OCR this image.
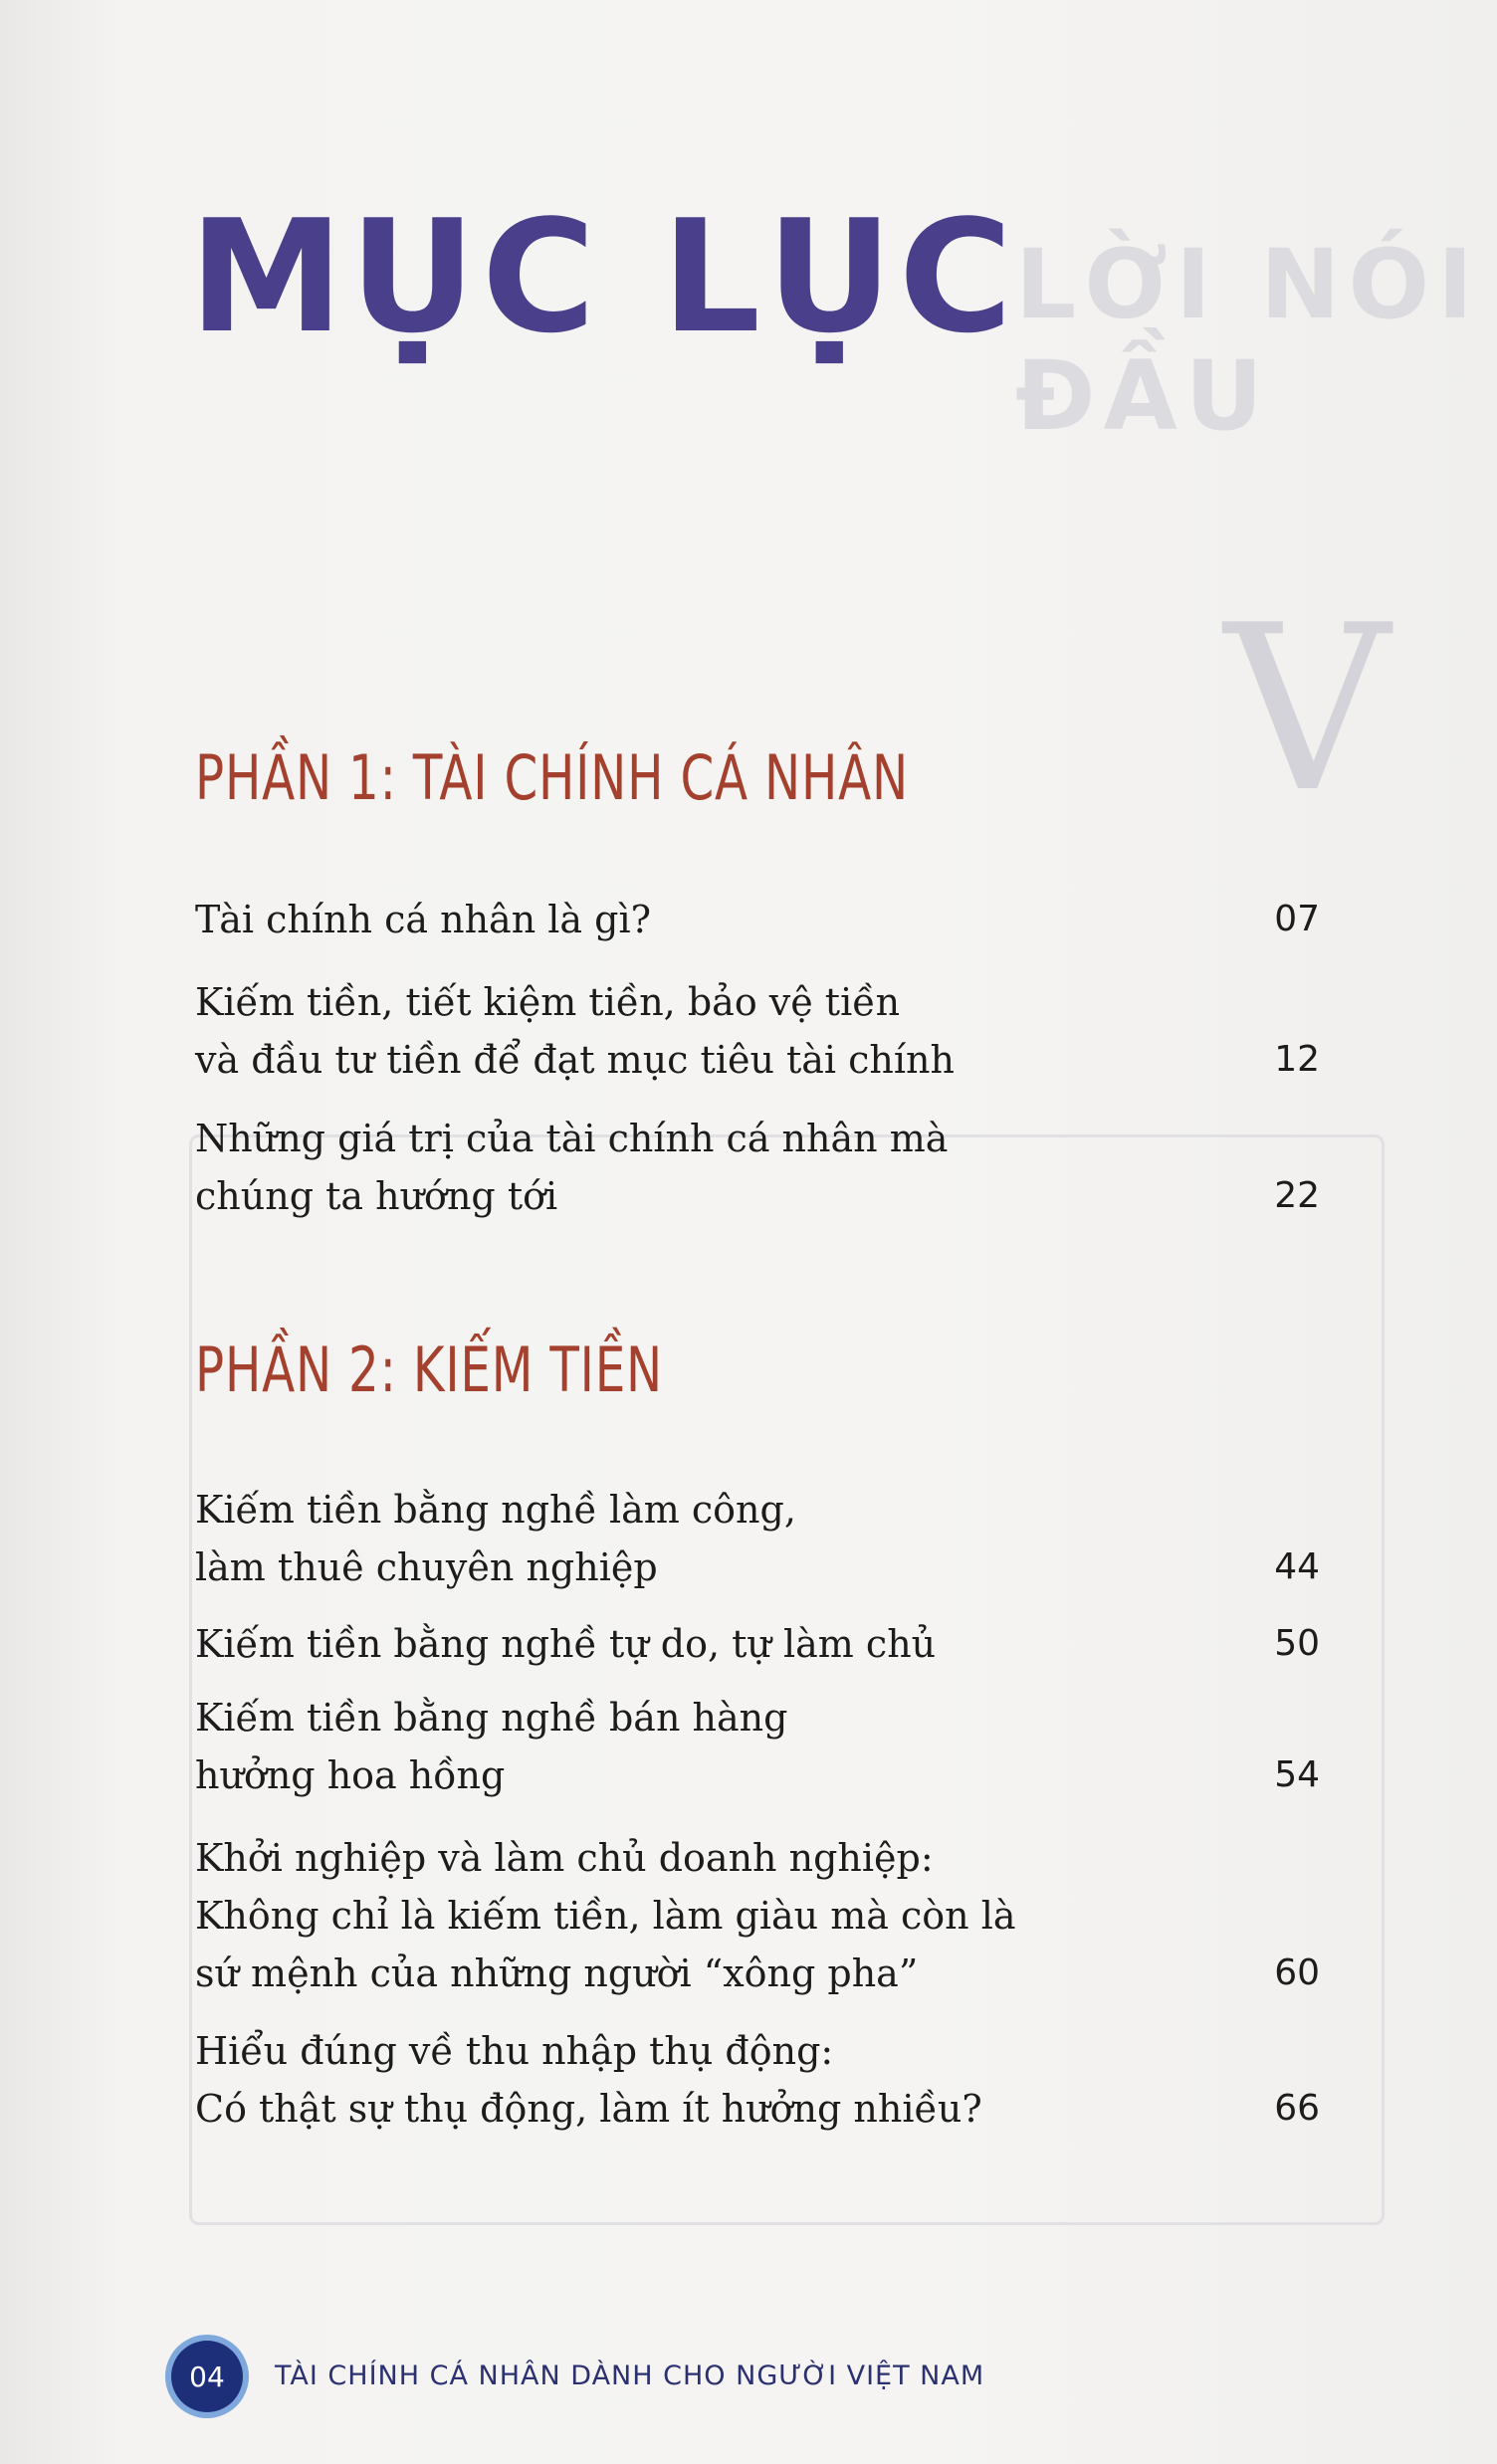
LỜI NÓI ĐẦU
V
MỤC LỤC
PHẦN 1: TÀI CHÍNH CÁ NHÂN
Tài chính cá nhân là gì?	07
Kiếm tiền, tiết kiệm tiền, bảo vệ tiền
và đầu tư tiền để đạt mục tiêu tài chính	12
Những giá trị của tài chính cá nhân mà
chúng ta hướng tới	22
PHẦN 2: KIẾM TIỀN
Kiếm tiền bằng nghề làm công,
làm thuê chuyên nghiệp	44
Kiếm tiền bằng nghề tự do, tự làm chủ	50
Kiếm tiền bằng nghề bán hàng
hưởng hoa hồng	54
Khởi nghiệp và làm chủ doanh nghiệp:
Không chỉ là kiếm tiền, làm giàu mà còn là
sứ mệnh của những người “xông pha”	60
Hiểu đúng về thu nhập thụ động:
Có thật sự thụ động, làm ít hưởng nhiều?	66
04	TÀI CHÍNH CÁ NHÂN DÀNH CHO NGƯỜI VIỆT NAM
